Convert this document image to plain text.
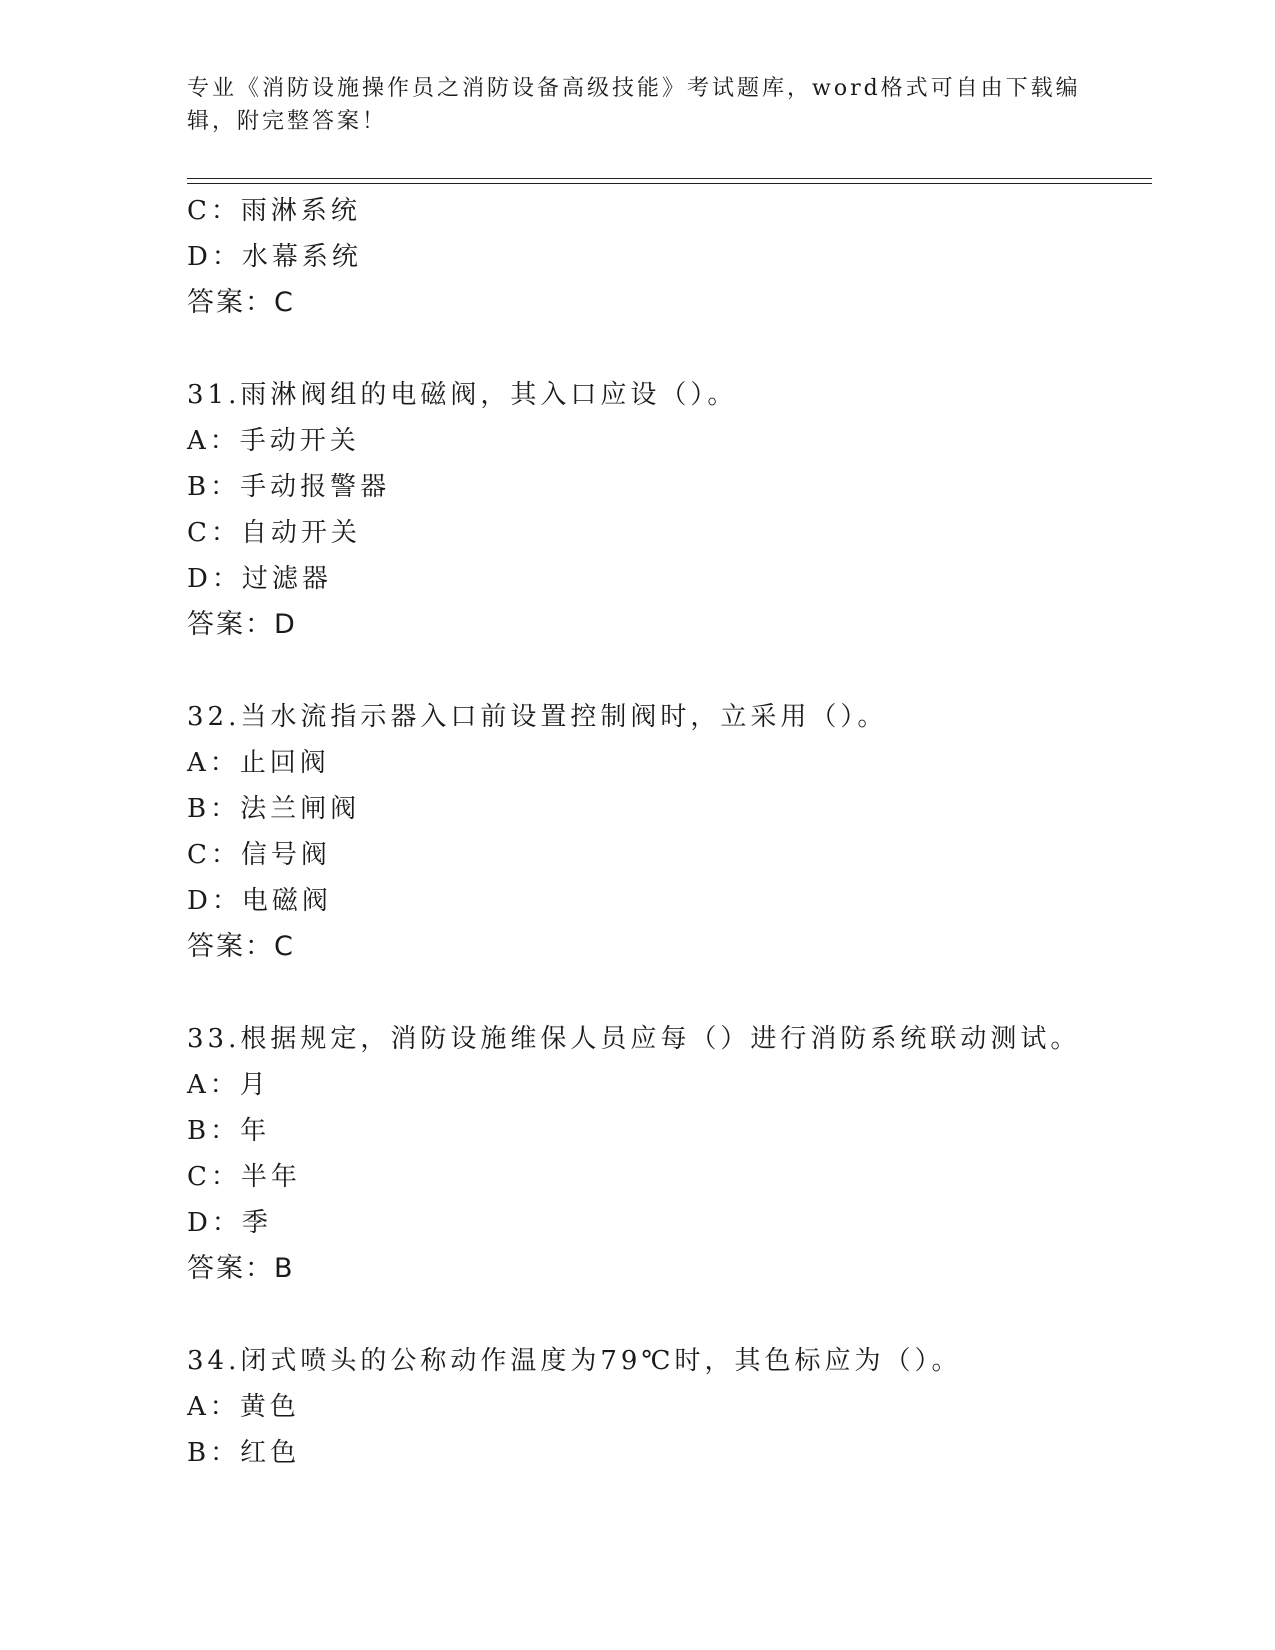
专业《消防设施操作员之消防设备高级技能》考试题库，word格式可自由下载编辑，附完整答案！
C：雨淋系统
D：水幕系统
答案：C
31.雨淋阀组的电磁阀，其入口应设（）。
A：手动开关
B：手动报警器
C：自动开关
D：过滤器
答案：D
32.当水流指示器入口前设置控制阀时，立采用（）。
A：止回阀
B：法兰闸阀
C：信号阀
D：电磁阀
答案：C
33.根据规定，消防设施维保人员应每（）进行消防系统联动测试。
A：月
B：年
C：半年
D：季
答案：B
34.闭式喷头的公称动作温度为79℃时，其色标应为（）。
A：黄色
B：红色
